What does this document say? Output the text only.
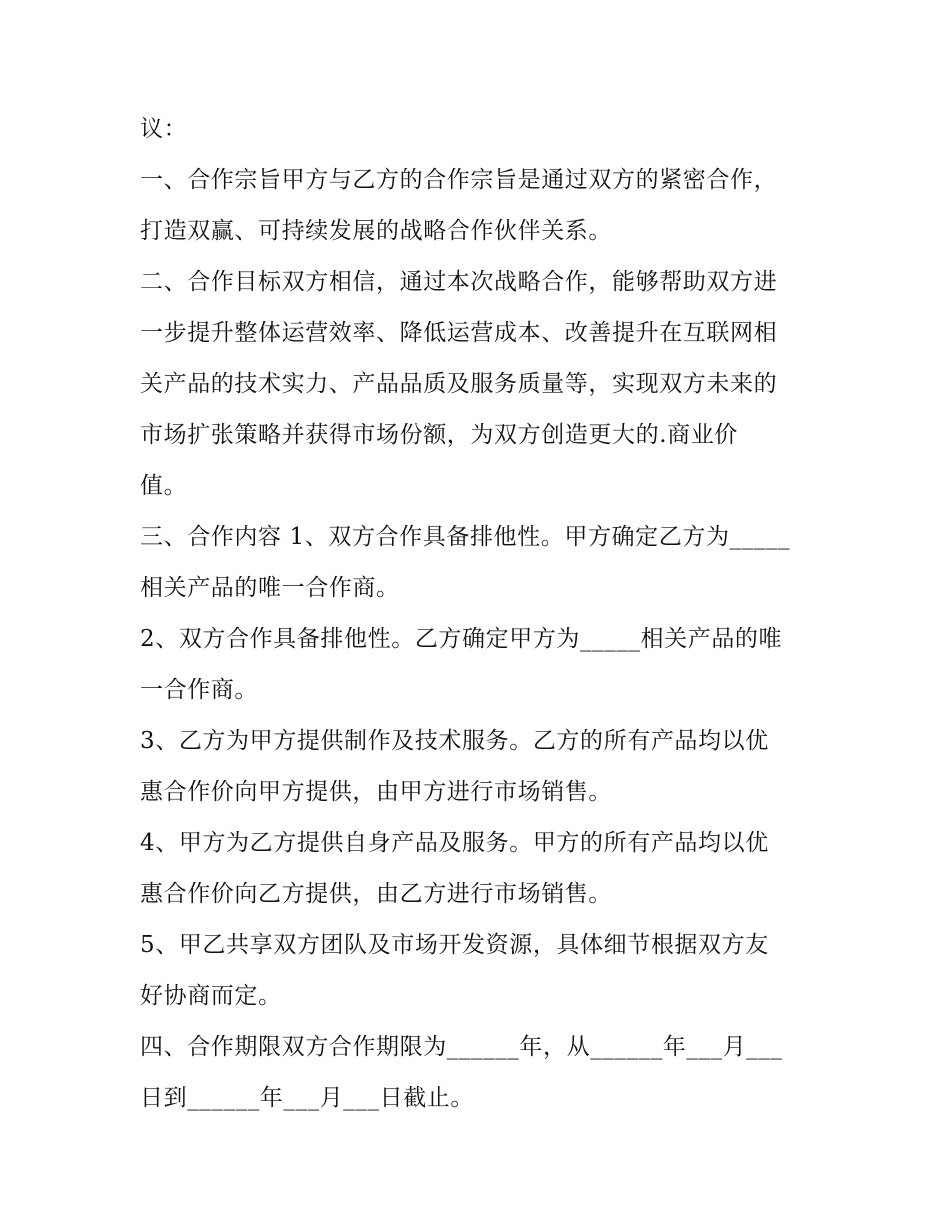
议：
一、合作宗旨甲方与乙方的合作宗旨是通过双方的紧密合作，
打造双赢、可持续发展的战略合作伙伴关系。
二、合作目标双方相信，通过本次战略合作，能够帮助双方进
一步提升整体运营效率、降低运营成本、改善提升在互联网相
关产品的技术实力、产品品质及服务质量等，实现双方未来的
市场扩张策略并获得市场份额，为双方创造更大的.商业价
值。
三、合作内容 1、双方合作具备排他性。甲方确定乙方为_____
相关产品的唯一合作商。
2、双方合作具备排他性。乙方确定甲方为_____相关产品的唯
一合作商。
3、乙方为甲方提供制作及技术服务。乙方的所有产品均以优
惠合作价向甲方提供，由甲方进行市场销售。
4、甲方为乙方提供自身产品及服务。甲方的所有产品均以优
惠合作价向乙方提供，由乙方进行市场销售。
5、甲乙共享双方团队及市场开发资源，具体细节根据双方友
好协商而定。
四、合作期限双方合作期限为______年，从______年___月___
日到______年___月___日截止。
